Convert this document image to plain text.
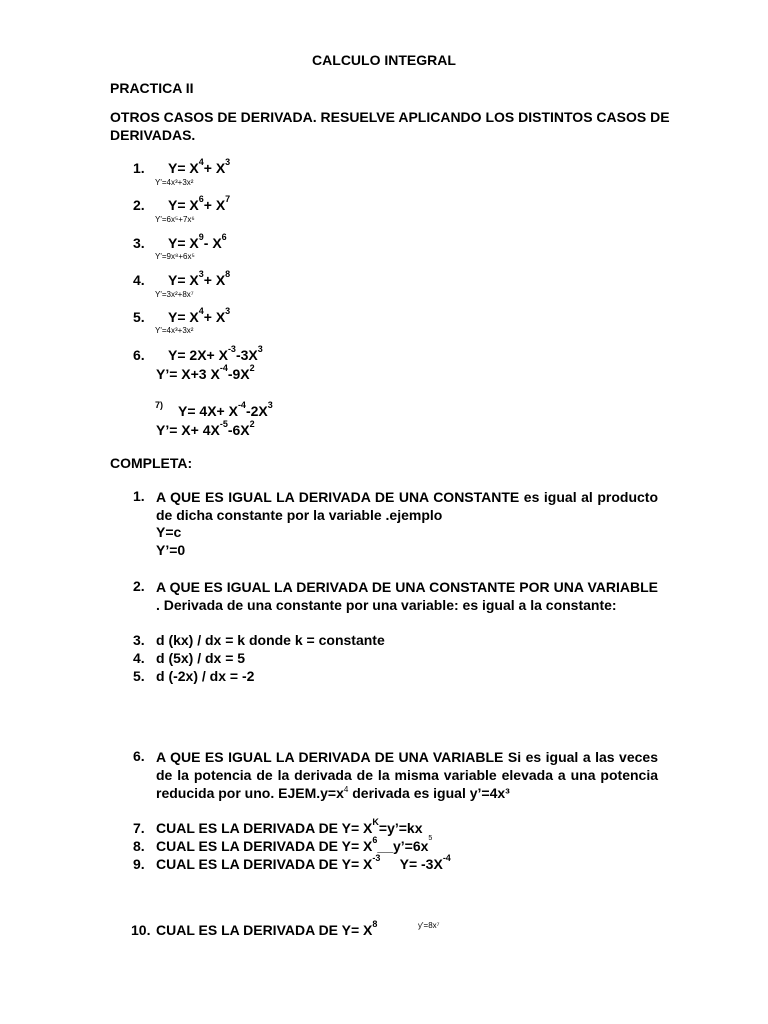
CALCULO INTEGRAL
PRACTICA II
OTROS CASOS DE DERIVADA. RESUELVE APLICANDO LOS DISTINTOS CASOS DE DERIVADAS.
1. $Y= X^4+ X^3$
Y'=4x³+3x²
2. $Y= X^6+ X^7$
Y'=6x⁵+7x⁶
3. $Y= X^9-$ $X^6$
Y'=9x⁸+6x⁵
4. $Y= X^3+ X^8$
Y'=3x²+8x⁷
5. $Y= X^4+ X^3$
Y'=4x³+3x²
6. $Y= 2X+ X^{-3}-3X^3$
Y’= X+3 $X^{-4}-9X^2$
7) $Y= 4X+ X^{-4}-2X^3$
Y’= $X+ 4X^{-5}-6X^2$
COMPLETA:
1. A QUE ES IGUAL LA DERIVADA DE UNA CONSTANTE es igual al producto de dicha constante por la variable .ejemplo
Y=c
Y’=0
2. A QUE ES IGUAL LA DERIVADA DE UNA CONSTANTE POR UNA VARIABLE . Derivada de una constante por una variable: es igual a la constante:
3. d (kx) / dx = k donde k = constante
4. d (5x) / dx = 5
5. d (-2x) / dx = -2
6. A QUE ES IGUAL LA DERIVADA DE UNA VARIABLE Si es igual a las veces de la potencia de la derivada de la misma variable elevada a una potencia reducida por uno. $EJEM.y=x^4$ derivada es igual y’=4x³
7. CUAL ES LA DERIVADA DE $Y= X^K=y’=kx$
8. CUAL ES LA DERIVADA DE $Y= X^6\_\_y’=6x^5$
9. CUAL ES LA DERIVADA DE $Y= X^{-3}$     $Y= -3X^{-4}$
10. CUAL ES LA DERIVADA DE $Y= X^8$	y'=8x⁷
